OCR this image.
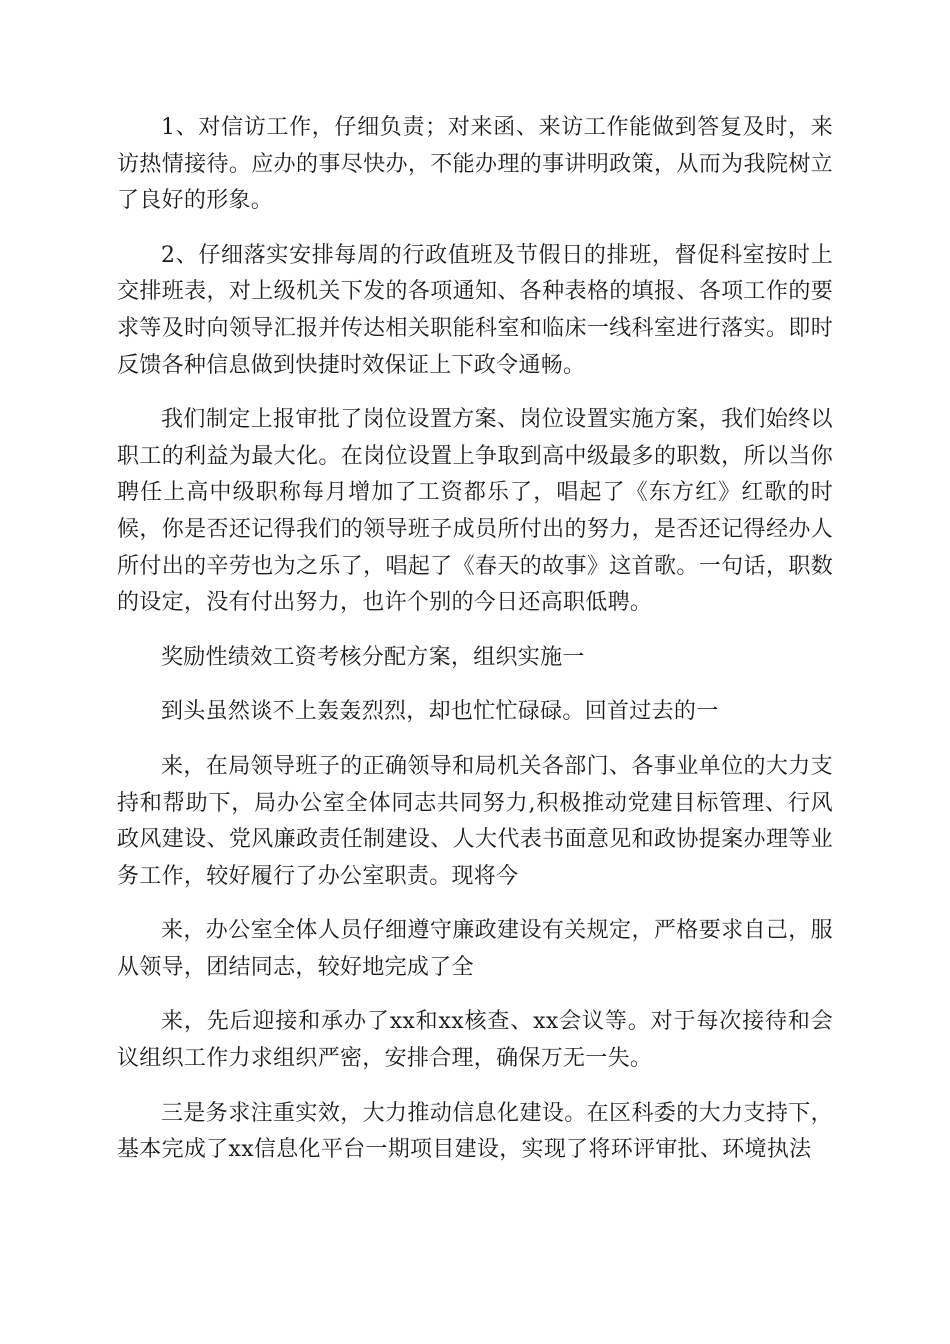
1、对信访工作，仔细负责；对来函、来访工作能做到答复及时，来访热情接待。应办的事尽快办，不能办理的事讲明政策，从而为我院树立了良好的形象。

2、仔细落实安排每周的行政值班及节假日的排班，督促科室按时上交排班表，对上级机关下发的各项通知、各种表格的填报、各项工作的要求等及时向领导汇报并传达相关职能科室和临床一线科室进行落实。即时反馈各种信息做到快捷时效保证上下政令通畅。

我们制定上报审批了岗位设置方案、岗位设置实施方案，我们始终以职工的利益为最大化。在岗位设置上争取到高中级最多的职数，所以当你聘任上高中级职称每月增加了工资都乐了，唱起了《东方红》红歌的时候，你是否还记得我们的领导班子成员所付出的努力，是否还记得经办人所付出的辛劳也为之乐了，唱起了《春天的故事》这首歌。一句话，职数的设定，没有付出努力，也许个别的今日还高职低聘。

奖励性绩效工资考核分配方案，组织实施一

到头虽然谈不上轰轰烈烈，却也忙忙碌碌。回首过去的一

来，在局领导班子的正确领导和局机关各部门、各事业单位的大力支持和帮助下，局办公室全体同志共同努力,积极推动党建目标管理、行风政风建设、党风廉政责任制建设、人大代表书面意见和政协提案办理等业务工作，较好履行了办公室职责。现将今

来，办公室全体人员仔细遵守廉政建设有关规定，严格要求自己，服从领导，团结同志，较好地完成了全

来，先后迎接和承办了xx和xx核查、xx会议等。对于每次接待和会议组织工作力求组织严密，安排合理，确保万无一失。

三是务求注重实效，大力推动信息化建设。在区科委的大力支持下，基本完成了xx信息化平台一期项目建设，实现了将环评审批、环境执法
